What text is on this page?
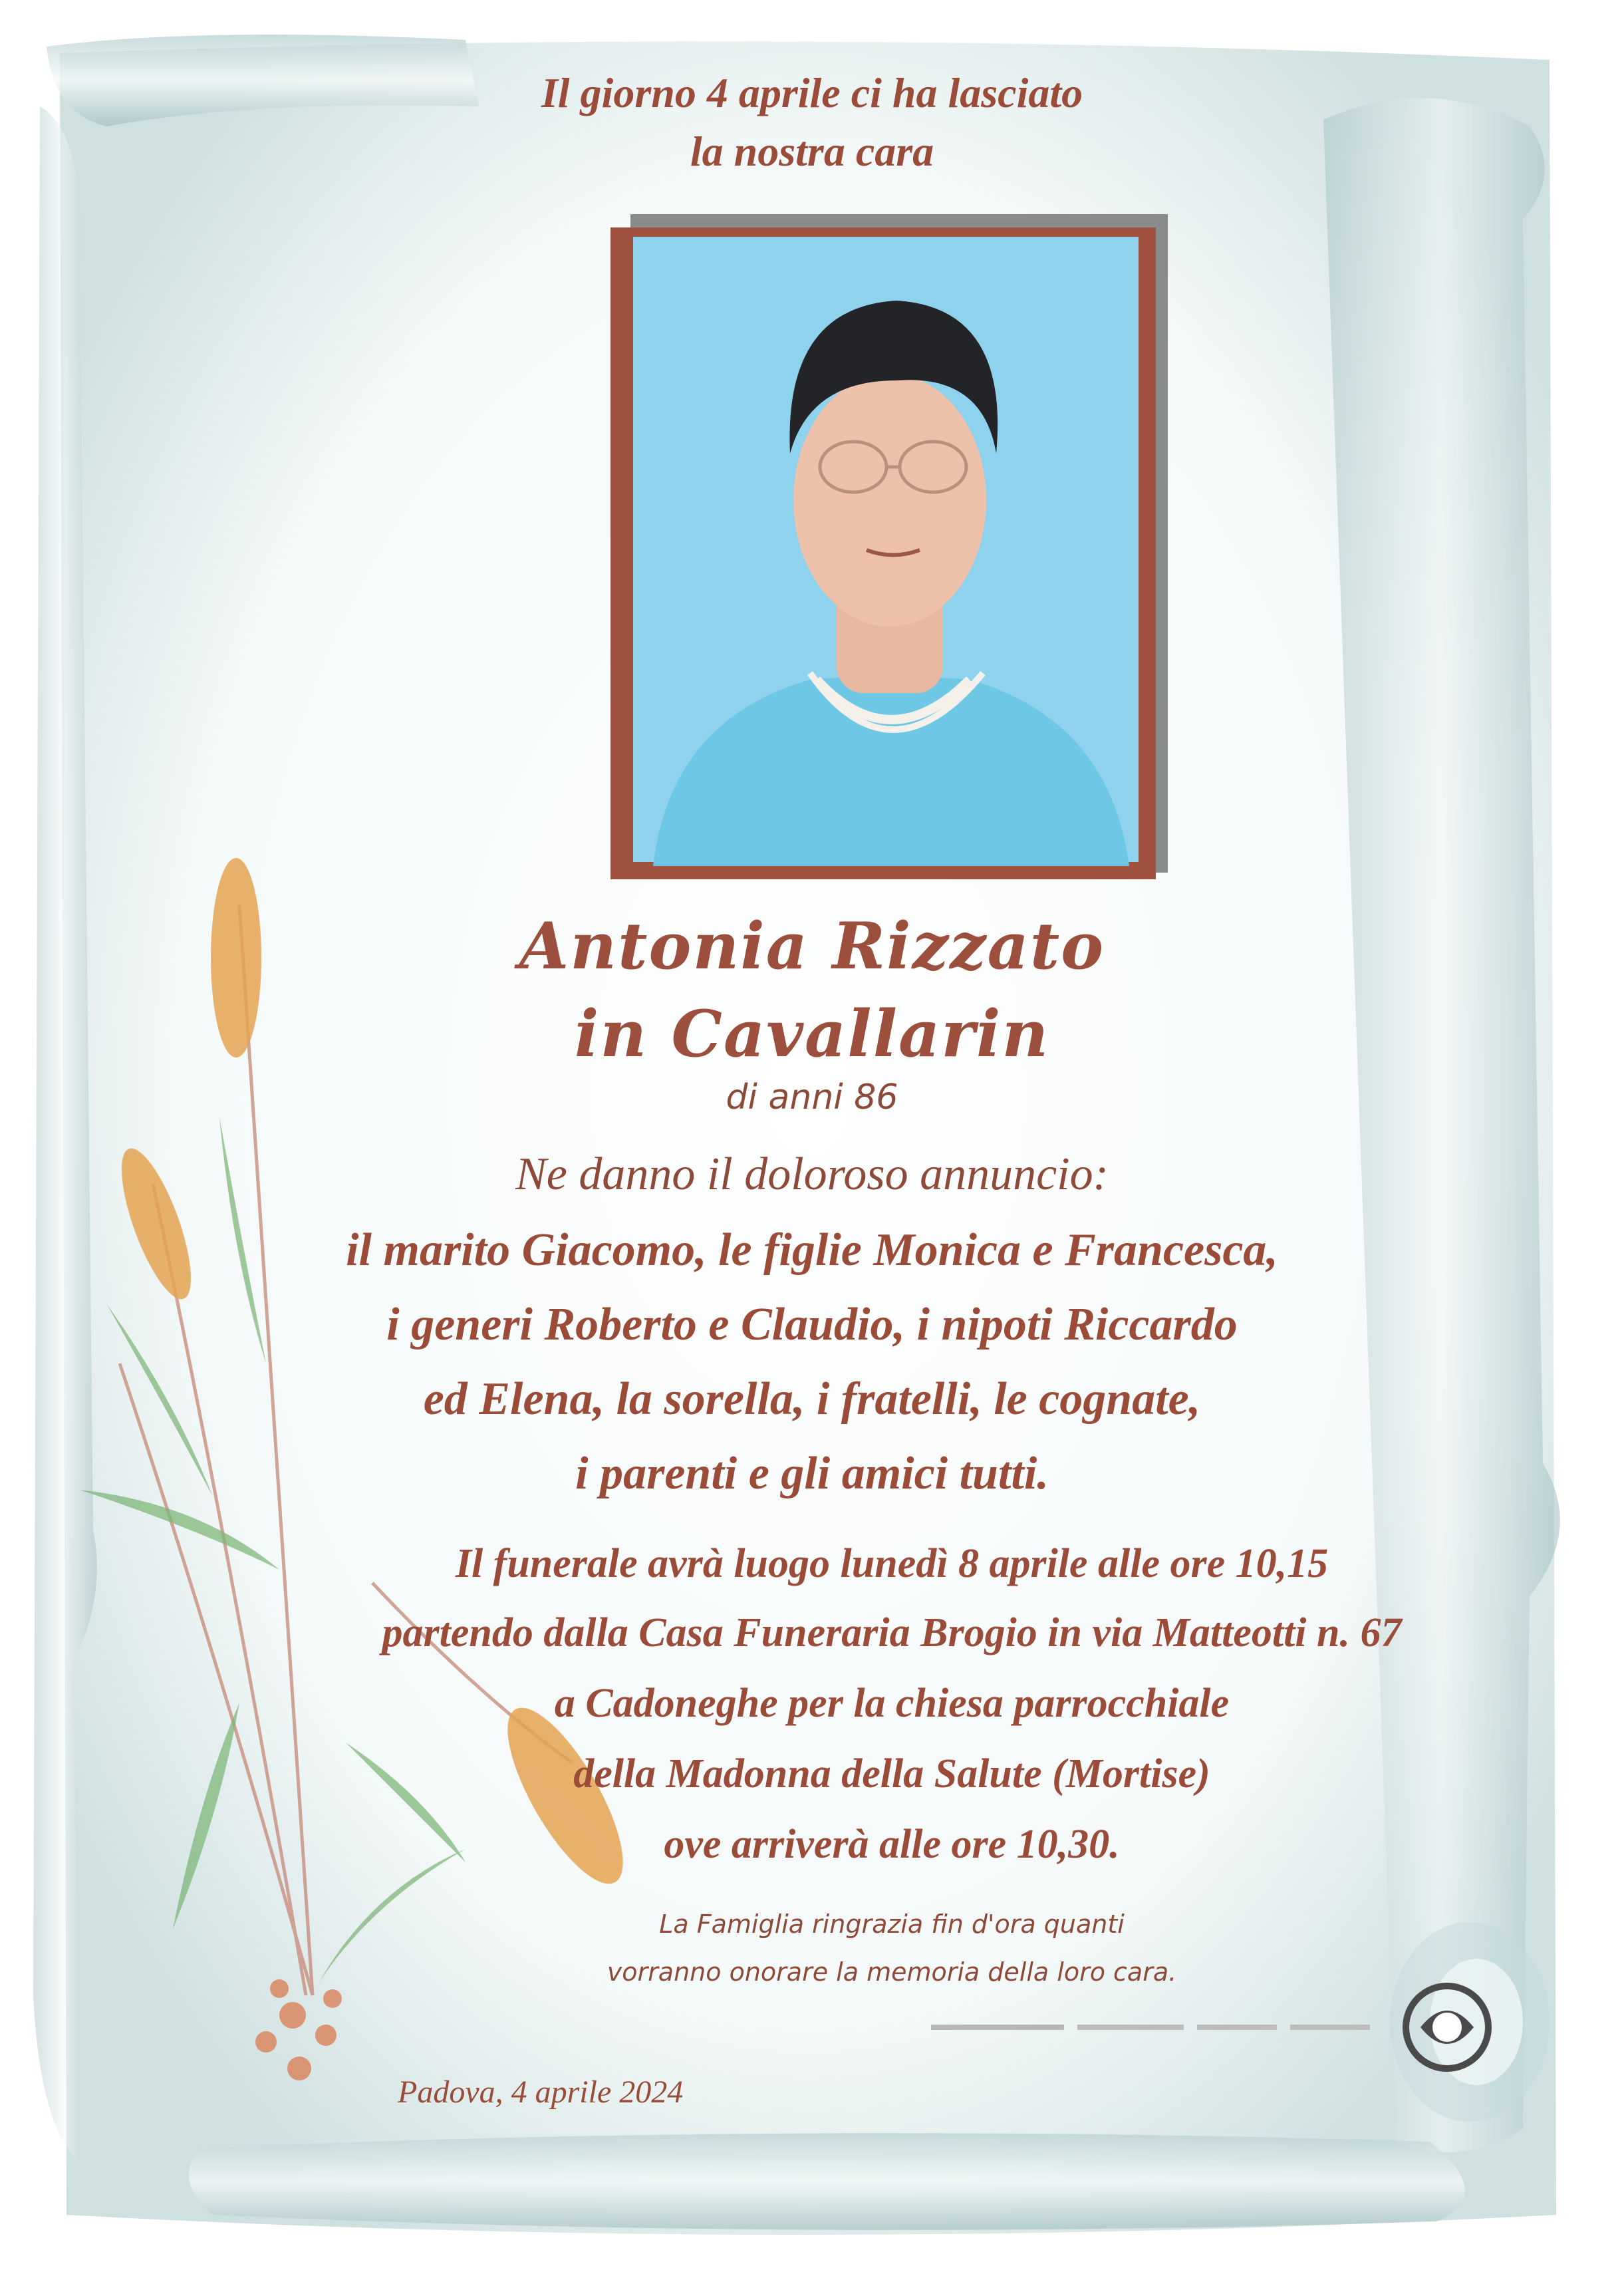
Il giorno 4 aprile ci ha lasciato
la nostra cara
Antonia Rizzato
in Cavallarin
di anni 86
Ne danno il doloroso annuncio:
il marito Giacomo, le figlie Monica e Francesca,
i generi Roberto e Claudio, i nipoti Riccardo
ed Elena, la sorella, i fratelli, le cognate,
i parenti e gli amici tutti.
Il funerale avrà luogo lunedì 8 aprile alle ore 10,15
partendo dalla Casa Funeraria Brogio in via Matteotti n. 67
a Cadoneghe per la chiesa parrocchiale
della Madonna della Salute (Mortise)
ove arriverà alle ore 10,30.
La Famiglia ringrazia fin d'ora quanti
vorranno onorare la memoria della loro cara.
Padova, 4 aprile 2024
